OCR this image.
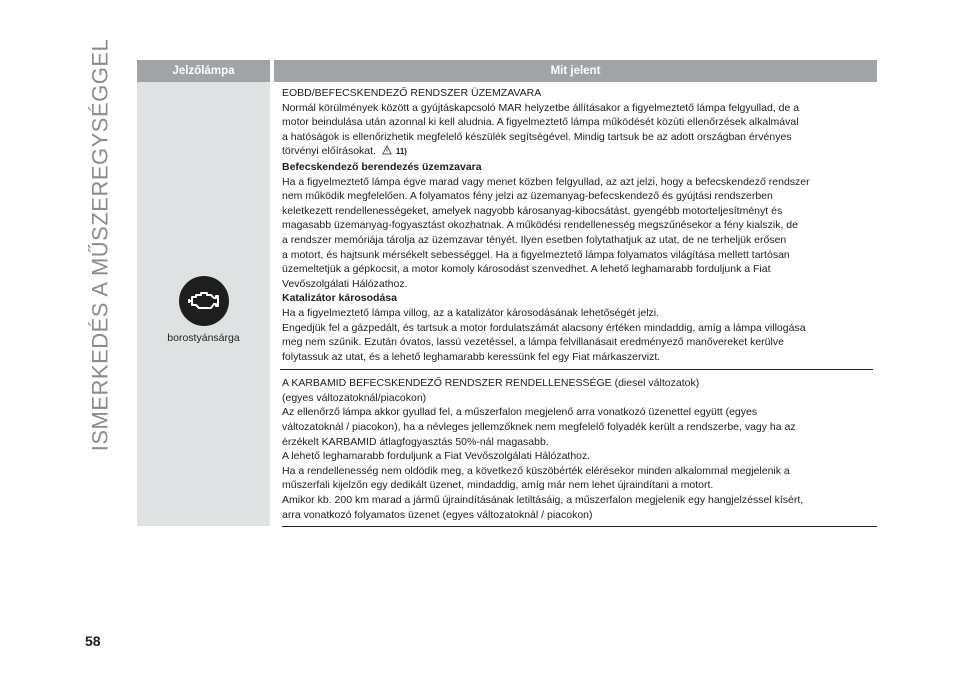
ISMERKEDÉS A MŰSZEREGYSÉGGEL	Jelzőlámpa	Mit jelent
borostyánsárga
EOBD/BEFECSKENDEZŐ RENDSZER ÜZEMZAVARA
Normál körülmények között a gyújtáskapcsoló MAR helyzetbe állításakor a figyelmeztető lámpa felgyullad, de a
motor beindulása után azonnal ki kell aludnia. A figyelmeztető lámpa működését közúti ellenőrzések alkalmával
a hatóságok is ellenőrizhetik megfelelő készülék segítségével. Mindig tartsuk be az adott országban érvényes
törvényi előírásokat. 11)
Befecskendező berendezés üzemzavara
Ha a figyelmeztető lámpa égve marad vagy menet közben felgyullad, az azt jelzi, hogy a befecskendező rendszer
nem működik megfelelően. A folyamatos fény jelzi az üzemanyag-befecskendező és gyújtási rendszerben
keletkezett rendellenességeket, amelyek nagyobb károsanyag-kibocsátást, gyengébb motorteljesítményt és
magasabb üzemanyag-fogyasztást okozhatnak. A működési rendellenesség megszűnésekor a fény kialszik, de
a rendszer memóriája tárolja az üzemzavar tényét. Ilyen esetben folytathatjuk az utat, de ne terheljük erősen
a motort, és hajtsunk mérsékelt sebességgel. Ha a figyelmeztető lámpa folyamatos világítása mellett tartósan
üzemeltetjük a gépkocsit, a motor komoly károsodást szenvedhet. A lehető leghamarabb forduljunk a Fiat
Vevőszolgálati Hálózathoz.
Katalizátor károsodása
Ha a figyelmeztető lámpa villog, az a katalizátor károsodásának lehetőségét jelzi.
Engedjük fel a gázpedált, és tartsuk a motor fordulatszámát alacsony értéken mindaddig, amíg a lámpa villogása
meg nem szűnik. Ezután óvatos, lassú vezetéssel, a lámpa felvillanásait eredményező manővereket kerülve
folytassuk az utat, és a lehető leghamarabb keressünk fel egy Fiat márkaszervizt.
A KARBAMID BEFECSKENDEZŐ RENDSZER RENDELLENESSÉGE (diesel változatok)
(egyes változatoknál/piacokon)
Az ellenőrző lámpa akkor gyullad fel, a műszerfalon megjelenő arra vonatkozó üzenettel együtt (egyes
változatoknál / piacokon), ha a névleges jellemzőknek nem megfelelő folyadék került a rendszerbe, vagy ha az
érzékelt KARBAMID átlagfogyasztás 50%-nál magasabb.
A lehető leghamarabb forduljunk a Fiat Vevőszolgálati Hálózathoz.
Ha a rendellenesség nem oldódik meg, a következő küszöbérték elérésekor minden alkalommal megjelenik a
műszerfali kijelzőn egy dedikált üzenet, mindaddig, amíg már nem lehet újraindítani a motort.
Amikor kb. 200 km marad a jármű újraindításának letiltásáig, a műszerfalon megjelenik egy hangjelzéssel kísért,
arra vonatkozó folyamatos üzenet (egyes változatoknál / piacokon)
58
